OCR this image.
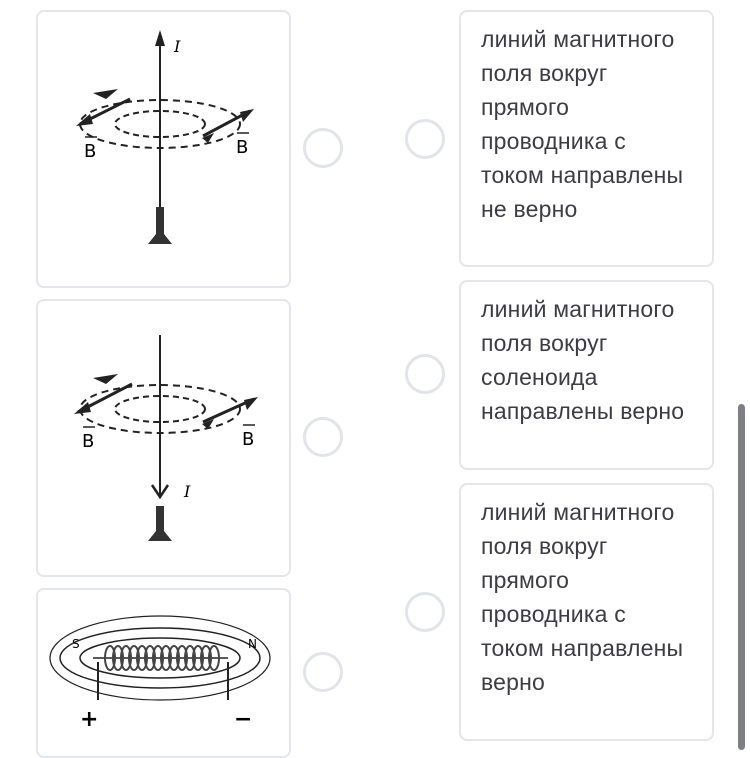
I
B	B
I
B	B
S	N
+	−
линий магнитного поля вокруг прямого проводника с током направлены не верно
линий магнитного поля вокруг соленоида направлены верно
линий магнитного поля вокруг прямого проводника с током направлены верно
